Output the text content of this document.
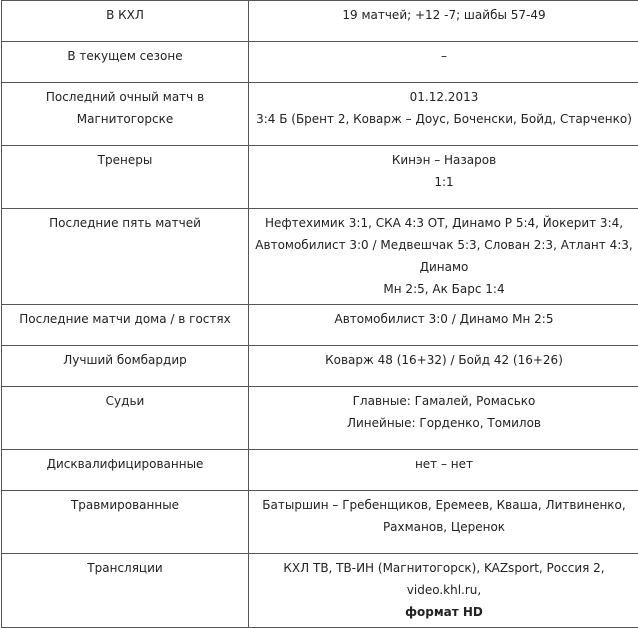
В КХЛ	19 матчей; +12 -7; шайбы 57-49

В текущем сезоне	–

Последний очный матч в Магнитогорске	01.12.2013
3:4 Б (Брент 2, Коварж – Доус, Боченски, Бойд, Старченко)

Тренеры	Кинэн – Назаров
1:1

Последние пять матчей	Нефтехимик 3:1, СКА 4:3 ОТ, Динамо Р 5:4, Йокерит 3:4,
Автомобилист 3:0 / Медвешчак 5:3, Слован 2:3, Атлант 4:3, Динамо
Мн 2:5, Ак Барс 1:4

Последние матчи дома / в гостях	Автомобилист 3:0 / Динамо Мн 2:5

Лучший бомбардир	Коварж 48 (16+32) / Бойд 42 (16+26)

Судьи	Главные: Гамалей, Ромасько
Линейные: Горденко, Томилов

Дисквалифицированные	нет – нет

Травмированные	Батыршин – Гребенщиков, Еремеев, Кваша, Литвиненко,
Рахманов, Церенок

Трансляции	КХЛ ТВ, ТВ-ИН (Магнитогорск), KAZsport, Россия 2, video.khl.ru,
формат HD
